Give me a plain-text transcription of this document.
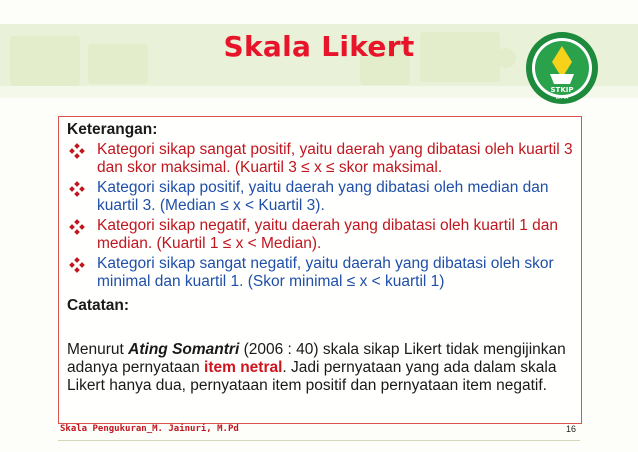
Skala Likert
STKIP
BIMA
Keterangan:
Kategori sikap sangat positif, yaitu daerah yang dibatasi oleh kuartil 3 dan skor maksimal. (Kuartil 3 ≤ x ≤ skor maksimal.
Kategori sikap positif, yaitu daerah yang dibatasi oleh median dan kuartil 3. (Median ≤ x < Kuartil 3).
Kategori sikap negatif, yaitu daerah yang dibatasi oleh kuartil 1 dan median. (Kuartil 1 ≤ x < Median).
Kategori sikap sangat negatif, yaitu daerah yang dibatasi oleh skor minimal dan kuartil 1. (Skor minimal ≤ x < kuartil 1)
Catatan:
Menurut Ating Somantri (2006 : 40) skala sikap Likert tidak mengijinkan adanya pernyataan item netral. Jadi pernyataan yang ada dalam skala Likert hanya dua, pernyataan item positif dan pernyataan item negatif.
Skala Pengukuran_M. Jainuri, M.Pd	16
